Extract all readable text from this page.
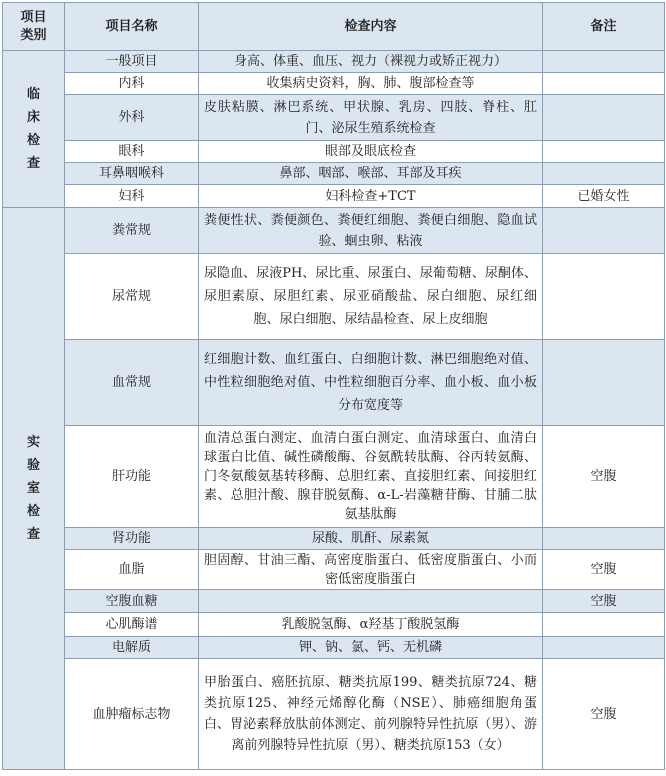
项目
类别	项目名称	检查内容	备注
临
床
检
查	一般项目	身高、体重、血压、视力（裸视力或矫正视力）	
	内科	收集病史资料，胸、肺、腹部检查等	
	外科	皮肤粘膜、淋巴系统、甲状腺、乳房、四肢、脊柱、肛门、泌尿生殖系统检查	
	眼科	眼部及眼底检查	
	耳鼻咽喉科	鼻部、咽部、喉部、耳部及耳疾	
	妇科	妇科检查+TCT	已婚女性
实
验
室
检
查	粪常规	粪便性状、粪便颜色、粪便红细胞、粪便白细胞、隐血试验、蛔虫卵、粘液	
	尿常规	尿隐血、尿液PH、尿比重、尿蛋白、尿葡萄糖、尿酮体、尿胆素原、尿胆红素、尿亚硝酸盐、尿白细胞、尿红细胞、尿白细胞、尿结晶检查、尿上皮细胞	
	血常规	红细胞计数、血红蛋白、白细胞计数、淋巴细胞绝对值、中性粒细胞绝对值、中性粒细胞百分率、血小板、血小板分布宽度等	
	肝功能	血清总蛋白测定、血清白蛋白测定、血清球蛋白、血清白球蛋白比值、碱性磷酸酶、谷氨酰转肽酶、谷丙转氨酶、门冬氨酸氨基转移酶、总胆红素、直接胆红素、间接胆红素、总胆汁酸、腺苷脱氨酶、α-L-岩藻糖苷酶、甘脯二肽氨基肽酶	空腹
	肾功能	尿酸、肌酐、尿素氮	
	血脂	胆固醇、甘油三酯、高密度脂蛋白、低密度脂蛋白、小而密低密度脂蛋白	空腹
	空腹血糖		空腹
	心肌酶谱	乳酸脱氢酶、α羟基丁酸脱氢酶	
	电解质	钾、钠、氯、钙、无机磷	
	血肿瘤标志物	甲胎蛋白、癌胚抗原、糖类抗原199、糖类抗原724、糖类抗原125、神经元烯醇化酶（NSE）、肺癌细胞角蛋白、胃泌素释放肽前体测定、前列腺特异性抗原（男）、游离前列腺特异性抗原（男）、糖类抗原153（女）	空腹
